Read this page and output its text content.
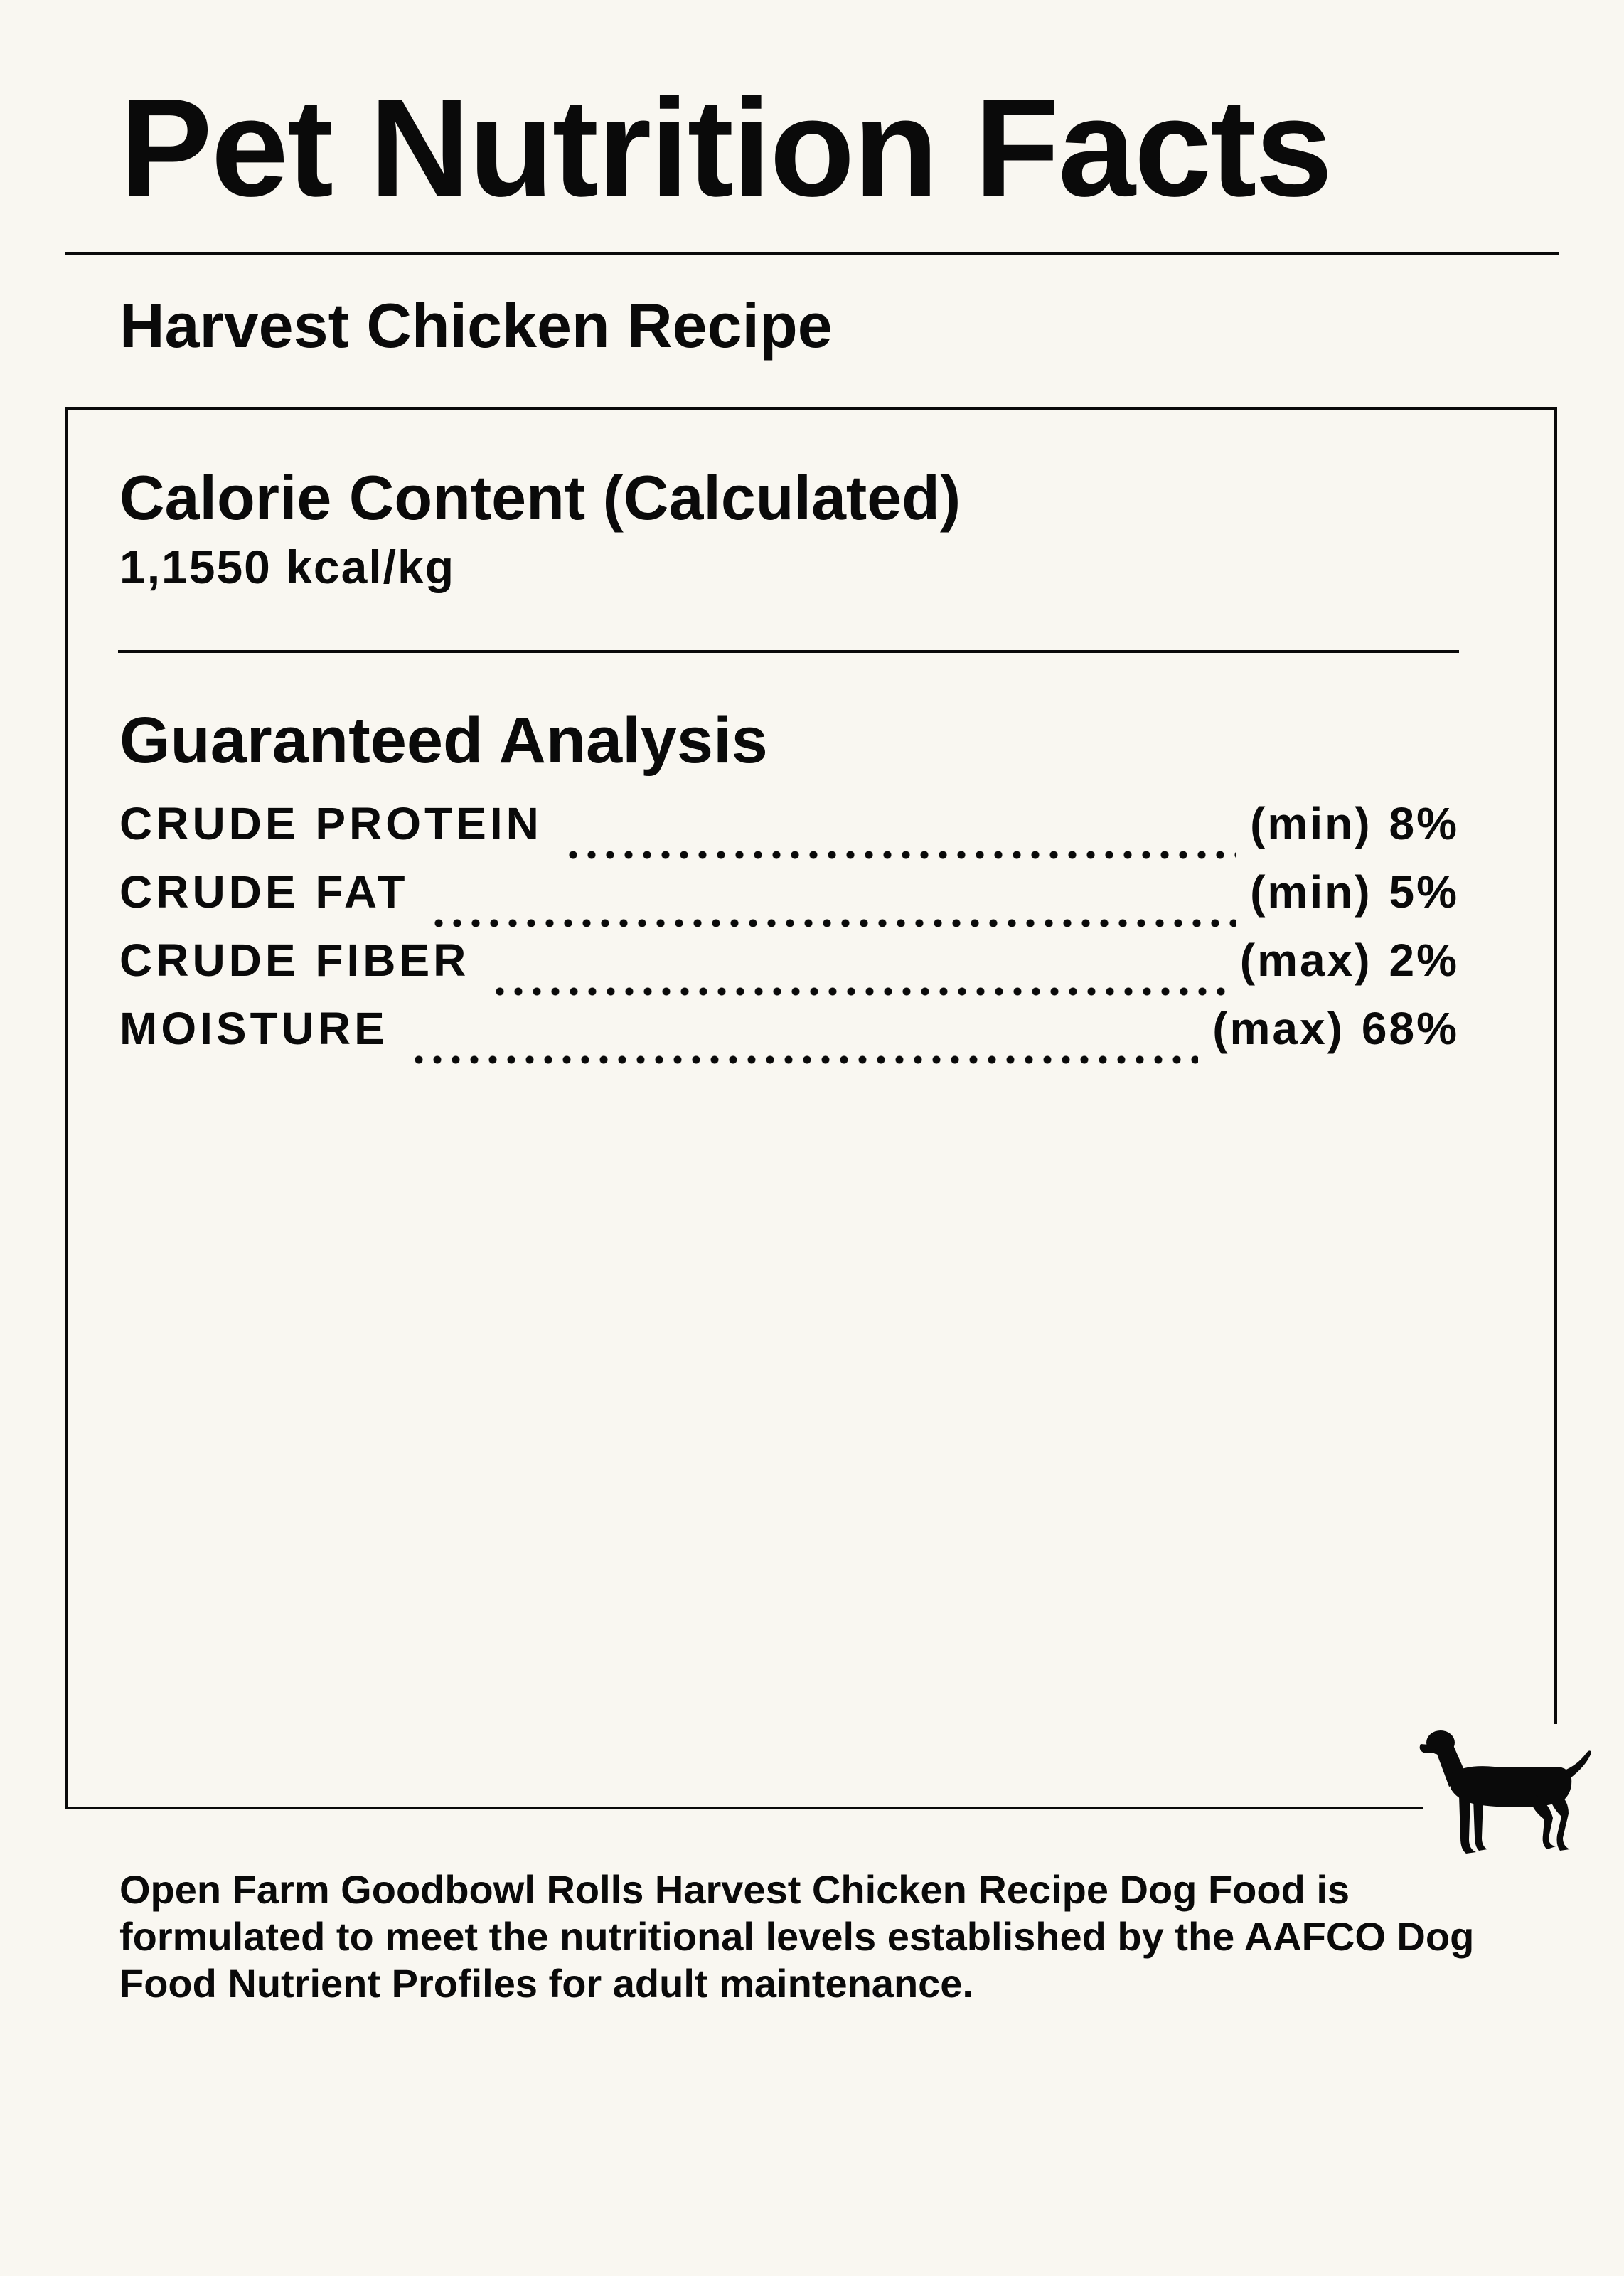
Pet Nutrition Facts
Harvest Chicken Recipe
Calorie Content (Calculated)
1,1550 kcal/kg
Guaranteed Analysis
CRUDE PROTEIN	(min) 8%
CRUDE FAT	(min) 5%
CRUDE FIBER	(max) 2%
MOISTURE	(max) 68%

Open Farm Goodbowl Rolls Harvest Chicken Recipe Dog Food is formulated to meet the nutritional levels established by the AAFCO Dog Food Nutrient Profiles for adult maintenance.
